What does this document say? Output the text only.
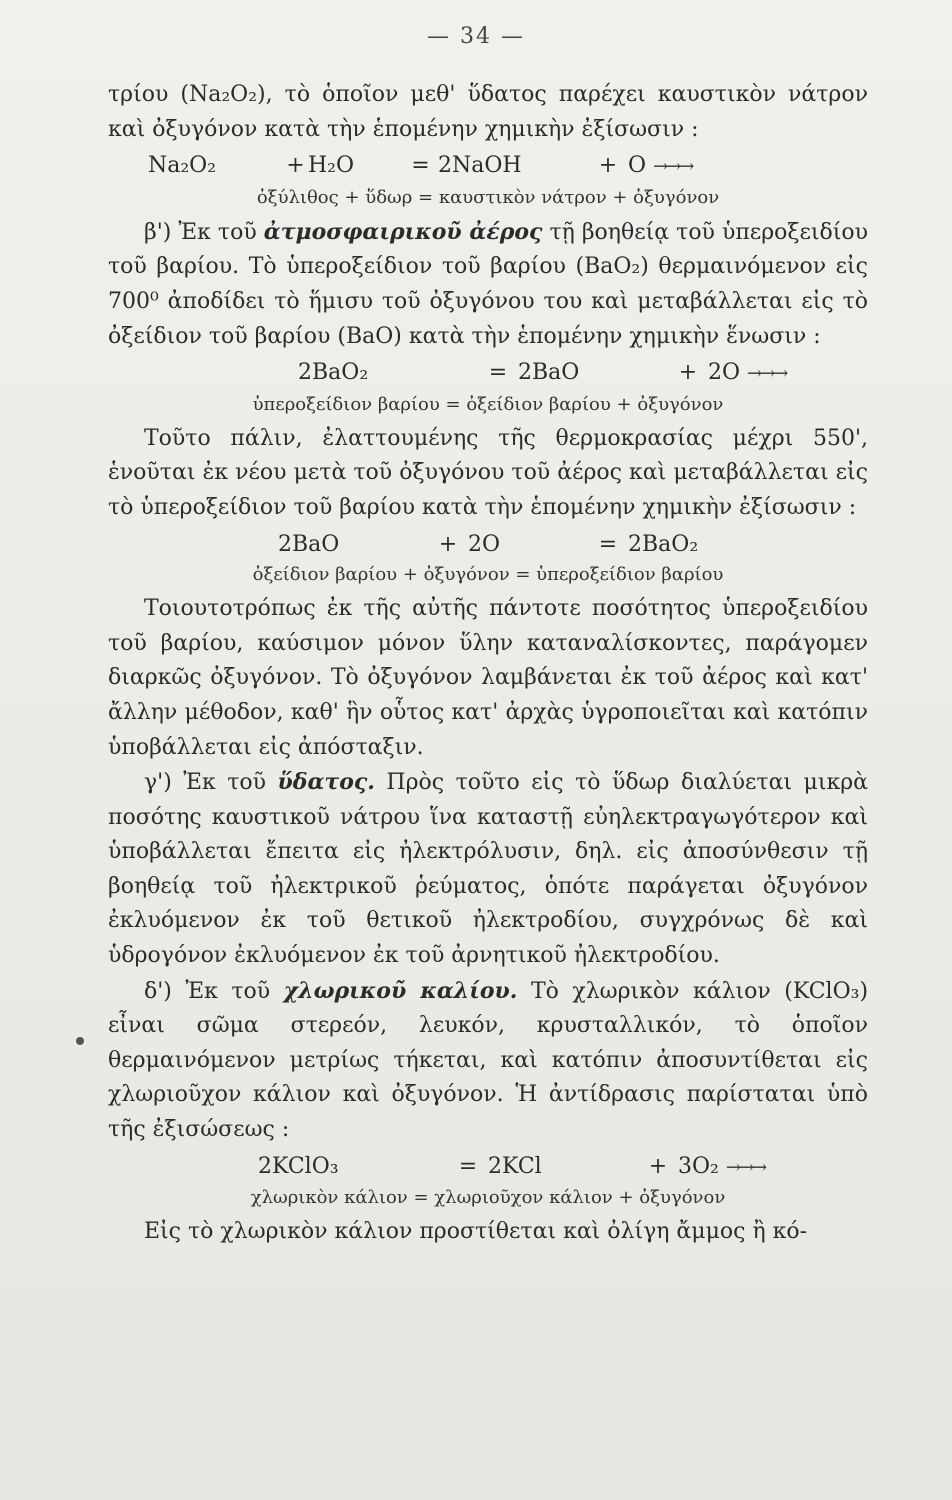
— 34 —

τρίου (Na₂O₂), τὸ ὁποῖον μεθ' ὕδατος παρέχει καυστικὸν νάτρον καὶ ὀξυγόνον κατὰ τὴν ἑπομένην χημικὴν ἐξίσωσιν :

Na₂O₂	+ H₂O	= 2NaOH	+ O →→→
ὀξύλιθος + ὕδωρ = καυστικὸν νάτρον + ὀξυγόνον

β') Ἐκ τοῦ ἀτμοσφαιρικοῦ ἀέρος τῇ βοηθείᾳ τοῦ ὑπεροξειδίου τοῦ βαρίου. Τὸ ὑπεροξείδιον τοῦ βαρίου (BaO₂) θερμαινόμενον εἰς 700⁰ ἀποδίδει τὸ ἥμισυ τοῦ ὀξυγόνου του καὶ μεταβάλλεται εἰς τὸ ὀξείδιον τοῦ βαρίου (BaO) κατὰ τὴν ἑπομένην χημικὴν ἕνωσιν :

2BaO₂	= 2BaO	+ 2O →→→
ὑπεροξείδιον βαρίου = ὀξείδιον βαρίου + ὀξυγόνον

Τοῦτο πάλιν, ἐλαττουμένης τῆς θερμοκρασίας μέχρι 550', ἑνοῦται ἐκ νέου μετὰ τοῦ ὀξυγόνου τοῦ ἀέρος καὶ μεταβάλλεται εἰς τὸ ὑπεροξείδιον τοῦ βαρίου κατὰ τὴν ἑπομένην χημικὴν ἐξίσωσιν :

2BaO	+ 2O	= 2BaO₂
ὀξείδιον βαρίου + ὀξυγόνον = ὑπεροξείδιον βαρίου

Τοιουτοτρόπως ἐκ τῆς αὐτῆς πάντοτε ποσότητος ὑπεροξειδίου τοῦ βαρίου, καύσιμον μόνον ὕλην καταναλίσκοντες, παράγομεν διαρκῶς ὀξυγόνον. Τὸ ὀξυγόνον λαμβάνεται ἐκ τοῦ ἀέρος καὶ κατ' ἄλλην μέθοδον, καθ' ἣν οὗτος κατ' ἀρχὰς ὑγροποιεῖται καὶ κατόπιν ὑποβάλλεται εἰς ἀπόσταξιν.

γ') Ἐκ τοῦ ὕδατος. Πρὸς τοῦτο εἰς τὸ ὕδωρ διαλύεται μικρὰ ποσότης καυστικοῦ νάτρου ἵνα καταστῇ εὐηλεκτραγωγότερον καὶ ὑποβάλλεται ἔπειτα εἰς ἠλεκτρόλυσιν, δηλ. εἰς ἀποσύνθεσιν τῇ βοηθείᾳ τοῦ ἠλεκτρικοῦ ῥεύματος, ὁπότε παράγεται ὀξυγόνον ἐκλυόμενον ἐκ τοῦ θετικοῦ ἠλεκτροδίου, συγχρόνως δὲ καὶ ὑδρογόνον ἐκλυόμενον ἐκ τοῦ ἀρνητικοῦ ἠλεκτροδίου.

δ') Ἐκ τοῦ χλωρικοῦ καλίου. Τὸ χλωρικὸν κάλιον (KClO₃) εἶναι σῶμα στερεόν, λευκόν, κρυσταλλικόν, τὸ ὁποῖον θερμαινόμενον μετρίως τήκεται, καὶ κατόπιν ἀποσυντίθεται εἰς χλωριοῦχον κάλιον καὶ ὀξυγόνον. Ἡ ἀντίδρασις παρίσταται ὑπὸ τῆς ἐξισώσεως :

2KClO₃	= 2KCl	+ 3O₂ →→→
χλωρικὸν κάλιον = χλωριοῦχον κάλιον + ὀξυγόνον

Εἰς τὸ χλωρικὸν κάλιον προστίθεται καὶ ὀλίγη ἄμμος ἢ κό-
